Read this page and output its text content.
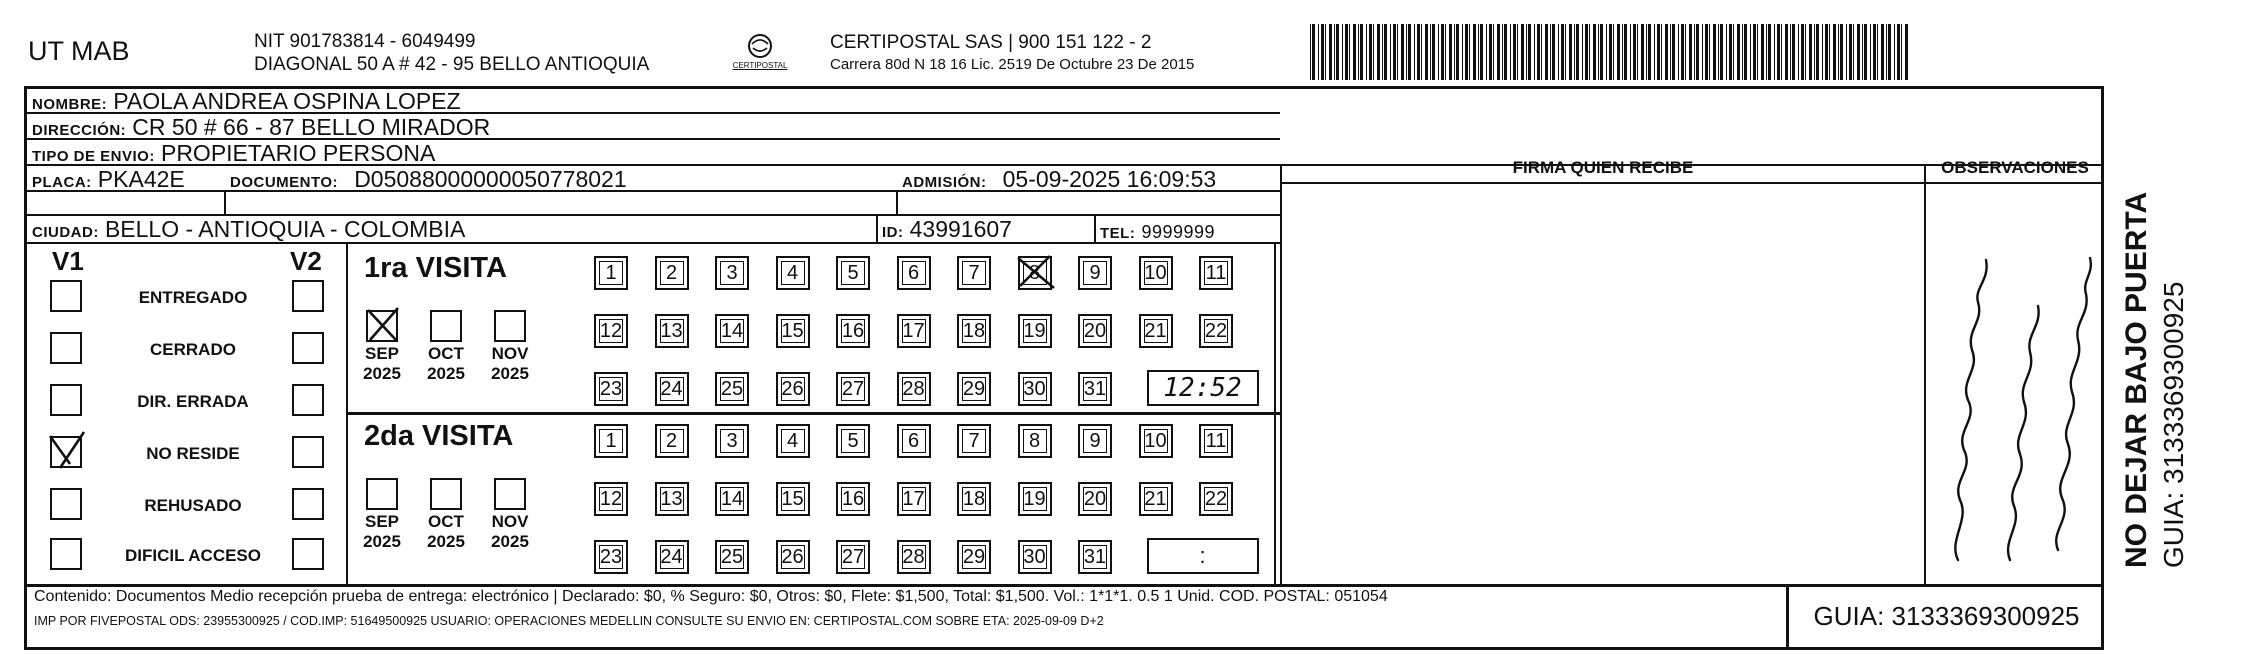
UT MAB	NIT 901783814 - 6049499
DIAGONAL 50 A # 42 - 95 BELLO ANTIOQUIA	CERTIPOSTAL
CERTIPOSTAL SAS | 900 151 122 - 2
Carrera 80d N 18 16 Lic. 2519 De Octubre 23 De 2015
NOMBRE: PAOLA ANDREA OSPINA LOPEZ
DIRECCIÓN: CR 50 # 66 - 87 BELLO MIRADOR
TIPO DE ENVIO: PROPIETARIO PERSONA
PLACA: PKA42E	DOCUMENTO: D05088000000050778021	ADMISIÓN: 05-09-2025 16:09:53
CIUDAD: BELLO - ANTIOQUIA - COLOMBIA	ID: 43991607	TEL: 9999999
FIRMA QUIEN RECIBE	OBSERVACIONES
V1	V2
ENTREGADO
CERRADO
DIR. ERRADA
NO RESIDE
REHUSADO
DIFICIL ACCESO
1ra VISITA
2da VISITA
SEP
2025
OCT
2025
NOV
2025
1	2	3	4	5	6	7	8	9	10	11
12 13 14 15 16 17 18 19 20 21 22
23 24 25 26 27 28 29 30 31	12:52
SEP
2025
OCT
2025
NOV
2025
1	2	3	4	5	6	7	8	9	10	11
12 13 14 15 16 17 18 19 20 21 22
23 24 25 26 27 28 29 30 31	:
Contenido: Documentos Medio recepción prueba de entrega: electrónico | Declarado: $0, % Seguro: $0, Otros: $0, Flete: $1,500, Total: $1,500. Vol.: 1*1*1. 0.5 1 Unid. COD. POSTAL: 051054
IMP POR FIVEPOSTAL ODS: 23955300925 / COD.IMP: 51649500925 USUARIO: OPERACIONES MEDELLIN CONSULTE SU ENVIO EN: CERTIPOSTAL.COM SOBRE ETA: 2025-09-09 D+2	GUIA: 3133369300925
NO DEJAR BAJO PUERTA GUIA: 3133369300925
